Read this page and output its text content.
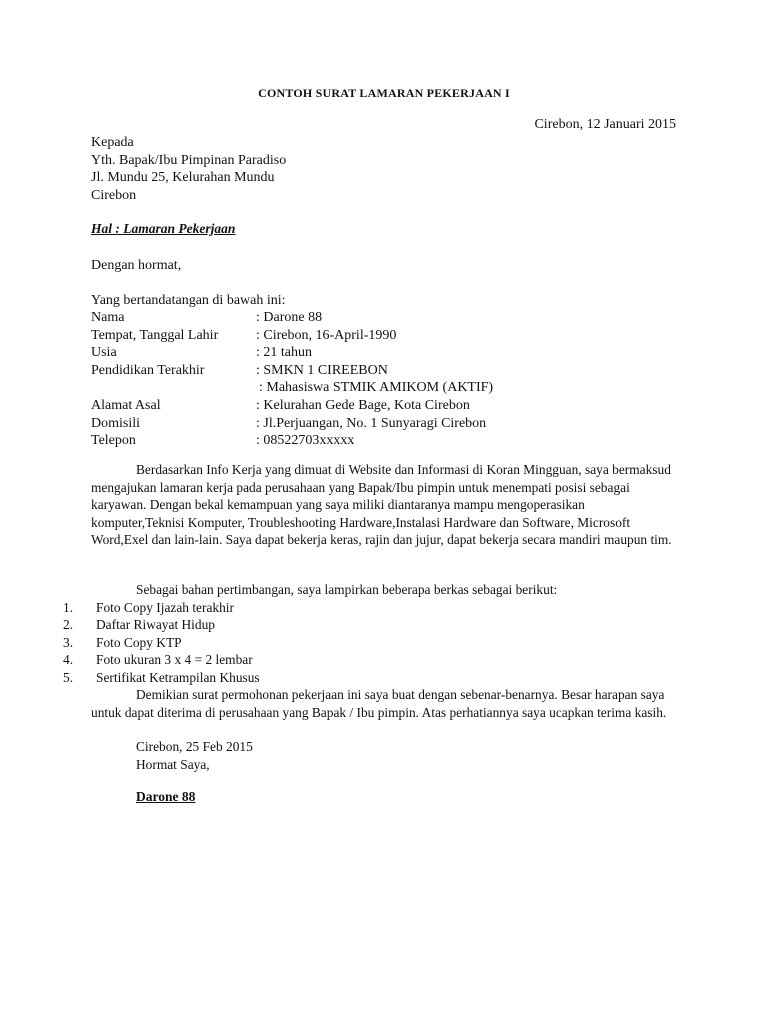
CONTOH SURAT LAMARAN PEKERJAAN I
Cirebon, 12 Januari 2015
Kepada
Yth. Bapak/Ibu Pimpinan Paradiso
Jl. Mundu 25, Kelurahan Mundu
Cirebon
Hal : Lamaran Pekerjaan
Dengan hormat,
Yang bertandatangan di bawah ini:
Nama	: Darone 88
Tempat, Tanggal Lahir	: Cirebon, 16-April-1990
Usia	: 21 tahun
Pendidikan Terakhir	: SMKN 1 CIREEBON
: Mahasiswa STMIK AMIKOM (AKTIF)
Alamat Asal	: Kelurahan Gede Bage, Kota Cirebon
Domisili	: Jl.Perjuangan, No. 1 Sunyaragi Cirebon
Telepon	: 08522703xxxxx

Berdasarkan Info Kerja yang dimuat di Website dan Informasi di Koran Mingguan, saya bermaksud mengajukan lamaran kerja pada perusahaan yang Bapak/Ibu pimpin untuk menempati posisi sebagai karyawan. Dengan bekal kemampuan yang saya miliki diantaranya mampu mengoperasikan komputer,Teknisi Komputer, Troubleshooting Hardware,Instalasi Hardware dan Software, Microsoft Word,Exel dan lain-lain. Saya dapat bekerja keras, rajin dan jujur, dapat bekerja secara mandiri maupun tim.

Sebagai bahan pertimbangan, saya lampirkan beberapa berkas sebagai berikut:

1. Foto Copy Ijazah terakhir
2. Daftar Riwayat Hidup
3. Foto Copy KTP
4. Foto ukuran 3 x 4 = 2 lembar
5. Sertifikat Ketrampilan Khusus

Demikian surat permohonan pekerjaan ini saya buat dengan sebenar-benarnya. Besar harapan saya untuk dapat diterima di perusahaan yang Bapak / Ibu pimpin. Atas perhatiannya saya ucapkan terima kasih.

Cirebon, 25 Feb 2015
Hormat Saya,
Darone 88
